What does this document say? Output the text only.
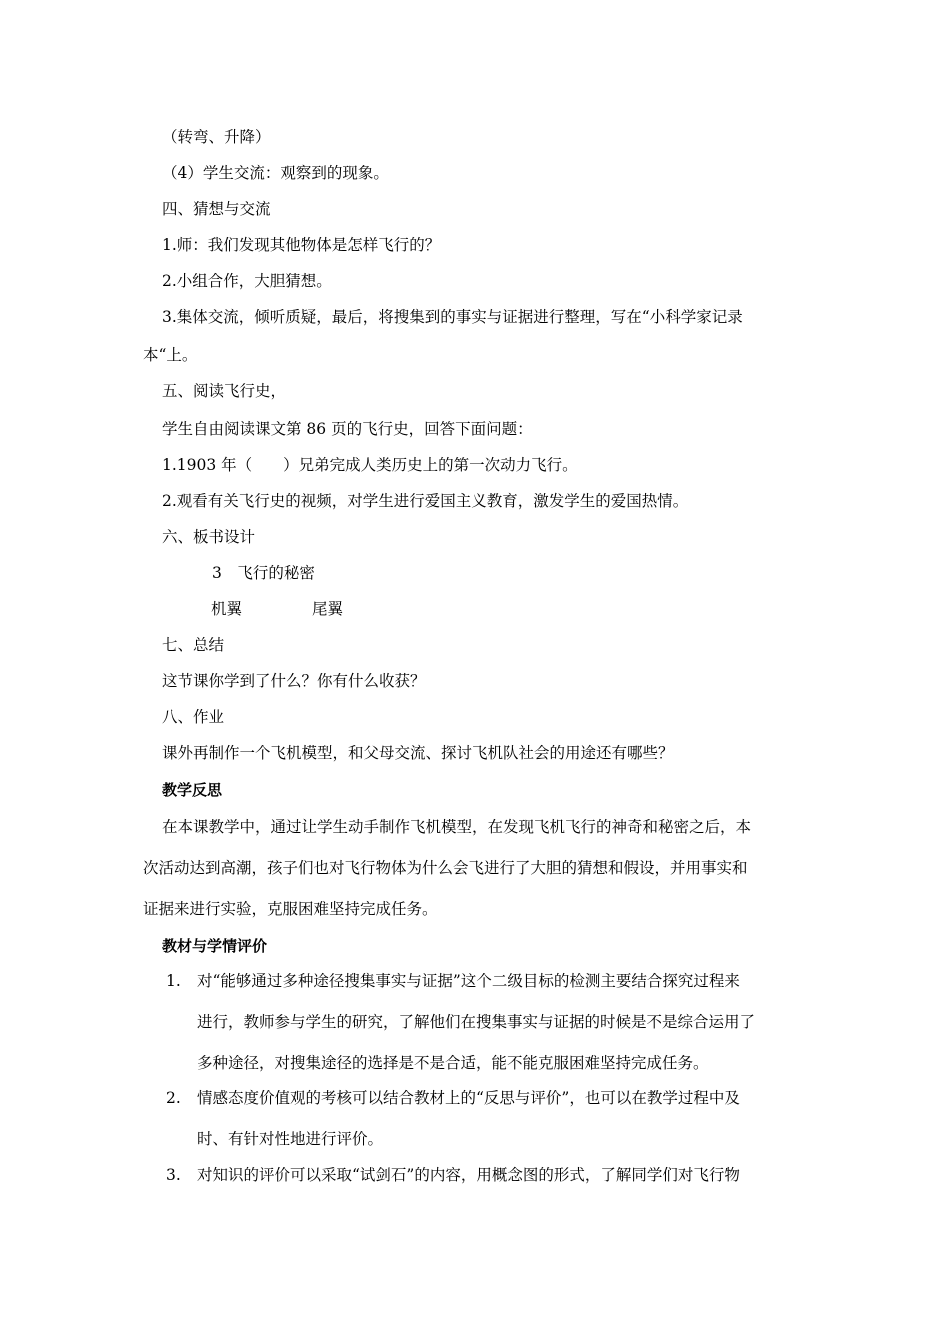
（转弯、升降）
（4）学生交流：观察到的现象。
四、猜想与交流
1.师：我们发现其他物体是怎样飞行的？
2.小组合作，大胆猜想。
3.集体交流，倾听质疑，最后，将搜集到的事实与证据进行整理，写在“小科学家记录
本“上。
五、阅读飞行史，
学生自由阅读课文第 86 页的飞行史，回答下面问题：
1.1903 年（　　）兄弟完成人类历史上的第一次动力飞行。
2.观看有关飞行史的视频，对学生进行爱国主义教育，激发学生的爱国热情。
六、板书设计
3　飞行的秘密
机翼	尾翼
七、总结
这节课你学到了什么？你有什么收获？
八、作业
课外再制作一个飞机模型，和父母交流、探讨飞机队社会的用途还有哪些？
教学反思
在本课教学中，通过让学生动手制作飞机模型，在发现飞机飞行的神奇和秘密之后，本
次活动达到高潮，孩子们也对飞行物体为什么会飞进行了大胆的猜想和假设，并用事实和
证据来进行实验，克服困难坚持完成任务。
教材与学情评价
1. 对“能够通过多种途径搜集事实与证据”这个二级目标的检测主要结合探究过程来
进行，教师参与学生的研究，了解他们在搜集事实与证据的时候是不是综合运用了
多种途径，对搜集途径的选择是不是合适，能不能克服困难坚持完成任务。
2. 情感态度价值观的考核可以结合教材上的“反思与评价”，也可以在教学过程中及
时、有针对性地进行评价。
3. 对知识的评价可以采取“试剑石”的内容，用概念图的形式，了解同学们对飞行物
